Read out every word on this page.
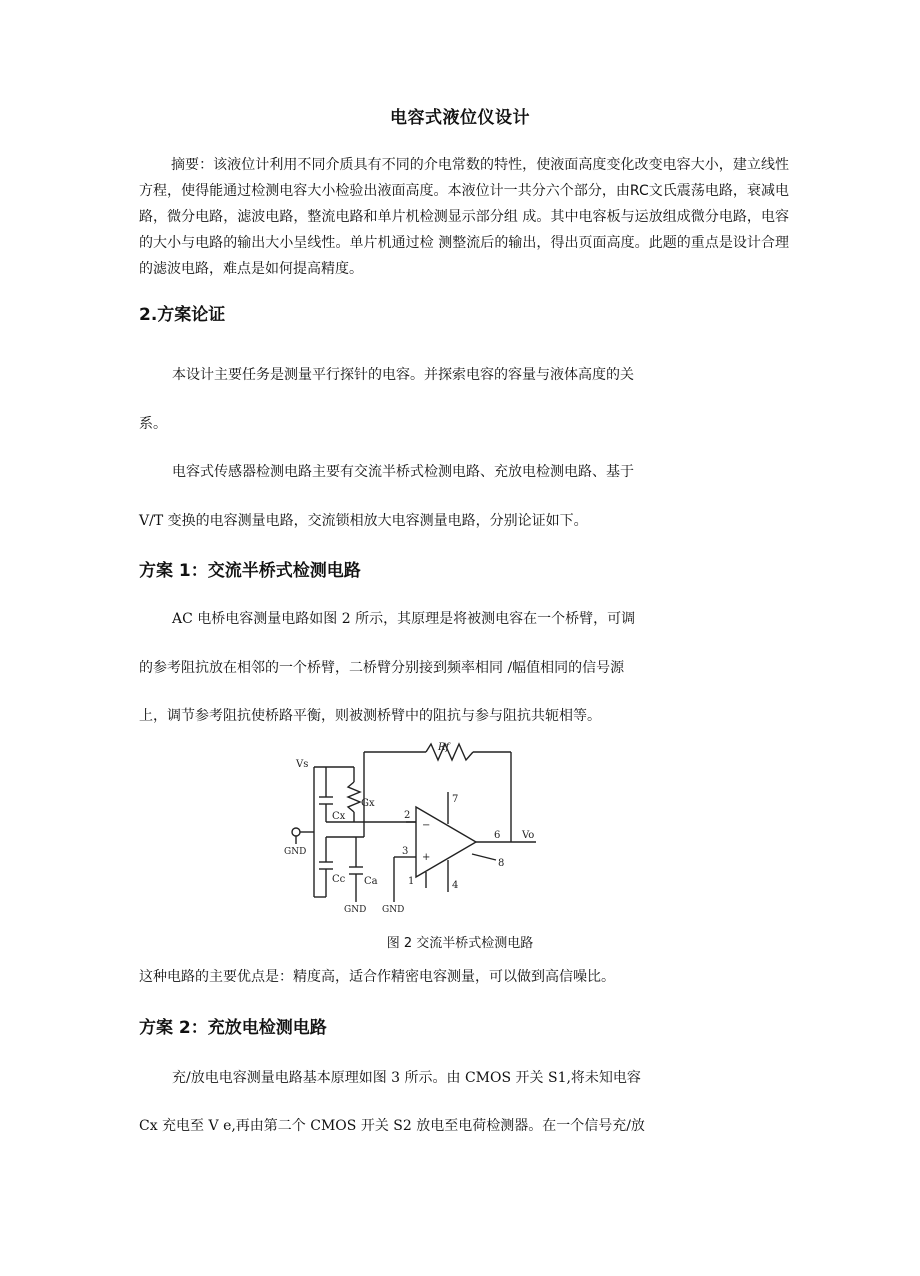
电容式液位仪设计
摘要：该液位计利用不同介质具有不同的介电常数的特性，使液面高度变化改变电容大小，建立线性方程，使得能通过检测电容大小检验出液面高度。本液位计一共分六个部分，由RC文氏震荡电路，衰减电路，微分电路，滤波电路，整流电路和单片机检测显示部分组 成。其中电容板与运放组成微分电路，电容的大小与电路的输出大小呈线性。单片机通过检 测整流后的输出，得出页面高度。此题的重点是设计合理的滤波电路，难点是如何提高精度。
2.方案论证
本设计主要任务是测量平行探针的电容。并探索电容的容量与液体高度的关
系。
电容式传感器检测电路主要有交流半桥式检测电路、充放电检测电路、基于
V/T 变换的电容测量电路，交流锁相放大电容测量电路，分别论证如下。
方案 1：交流半桥式检测电路
AC 电桥电容测量电路如图 2 所示，其原理是将被测电容在一个桥臂，可调
的参考阻抗放在相邻的一个桥臂，二桥臂分别接到频率相同 /幅值相同的信号源
上，调节参考阻抗使桥路平衡，则被测桥臂中的阻抗与参与阻抗共轭相等。
Vs
Cx
Gx
Rf
Cc Ca
GND
GND GND
Vo
2
3
7
6
8
1	4
−
+
图 2 交流半桥式检测电路
这种电路的主要优点是：精度高，适合作精密电容测量，可以做到高信噪比。
方案 2：充放电检测电路
充/放电电容测量电路基本原理如图 3 所示。由 CMOS 开关 S1,将未知电容
Cx 充电至 V e,再由第二个 CMOS 开关 S2 放电至电荷检测器。在一个信号充/放
